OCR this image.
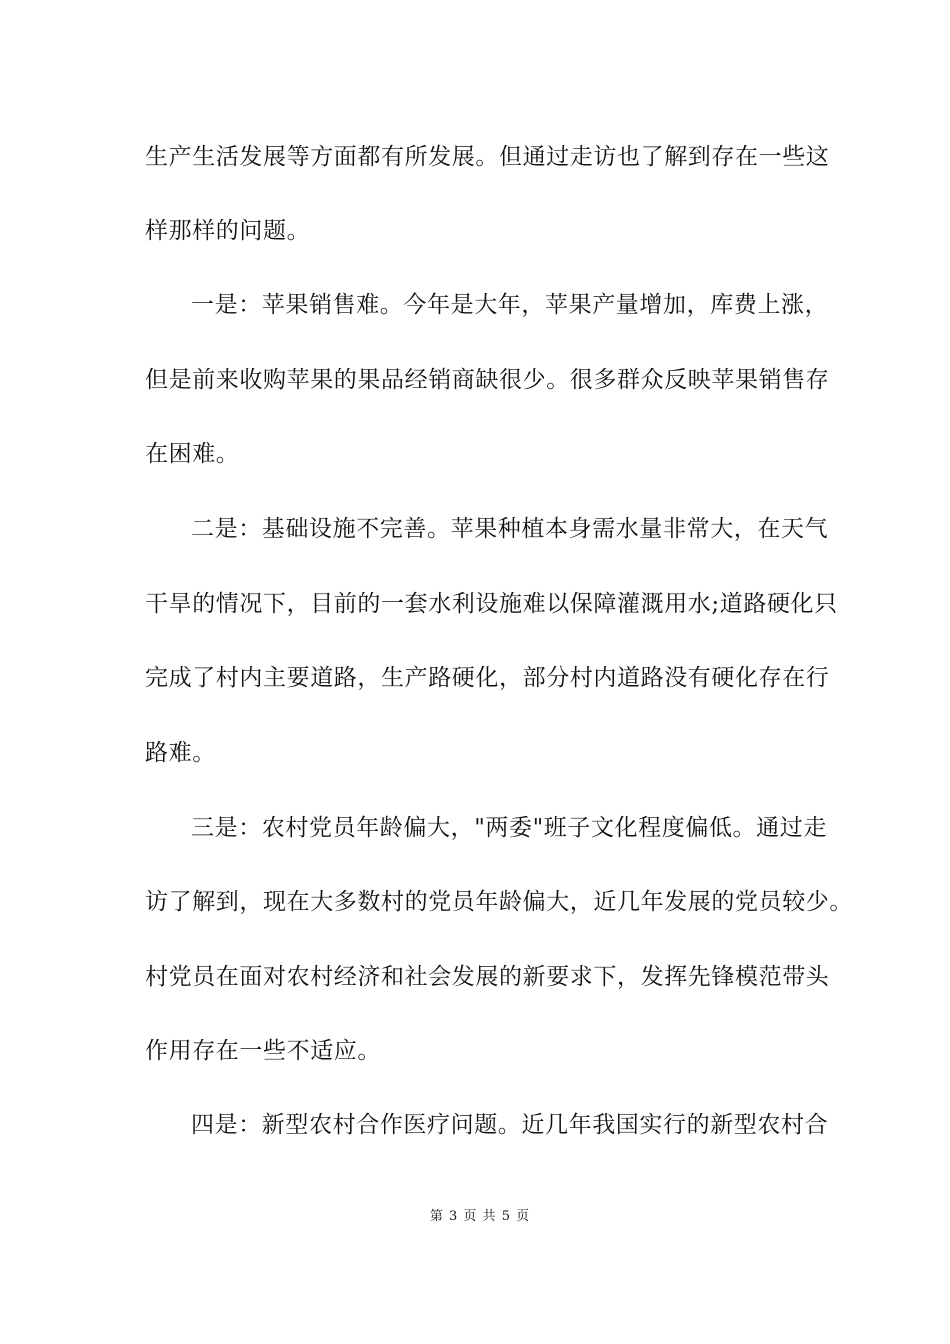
生产生活发展等方面都有所发展。但通过走访也了解到存在一些这
样那样的问题。
一是：苹果销售难。今年是大年，苹果产量增加，库费上涨，
但是前来收购苹果的果品经销商缺很少。很多群众反映苹果销售存
在困难。
二是：基础设施不完善。苹果种植本身需水量非常大，在天气
干旱的情况下，目前的一套水利设施难以保障灌溉用水;道路硬化只
完成了村内主要道路，生产路硬化，部分村内道路没有硬化存在行
路难。
三是：农村党员年龄偏大，"两委"班子文化程度偏低。通过走
访了解到，现在大多数村的党员年龄偏大，近几年发展的党员较少。
村党员在面对农村经济和社会发展的新要求下，发挥先锋模范带头
作用存在一些不适应。
四是：新型农村合作医疗问题。近几年我国实行的新型农村合
第 3 页 共 5 页
